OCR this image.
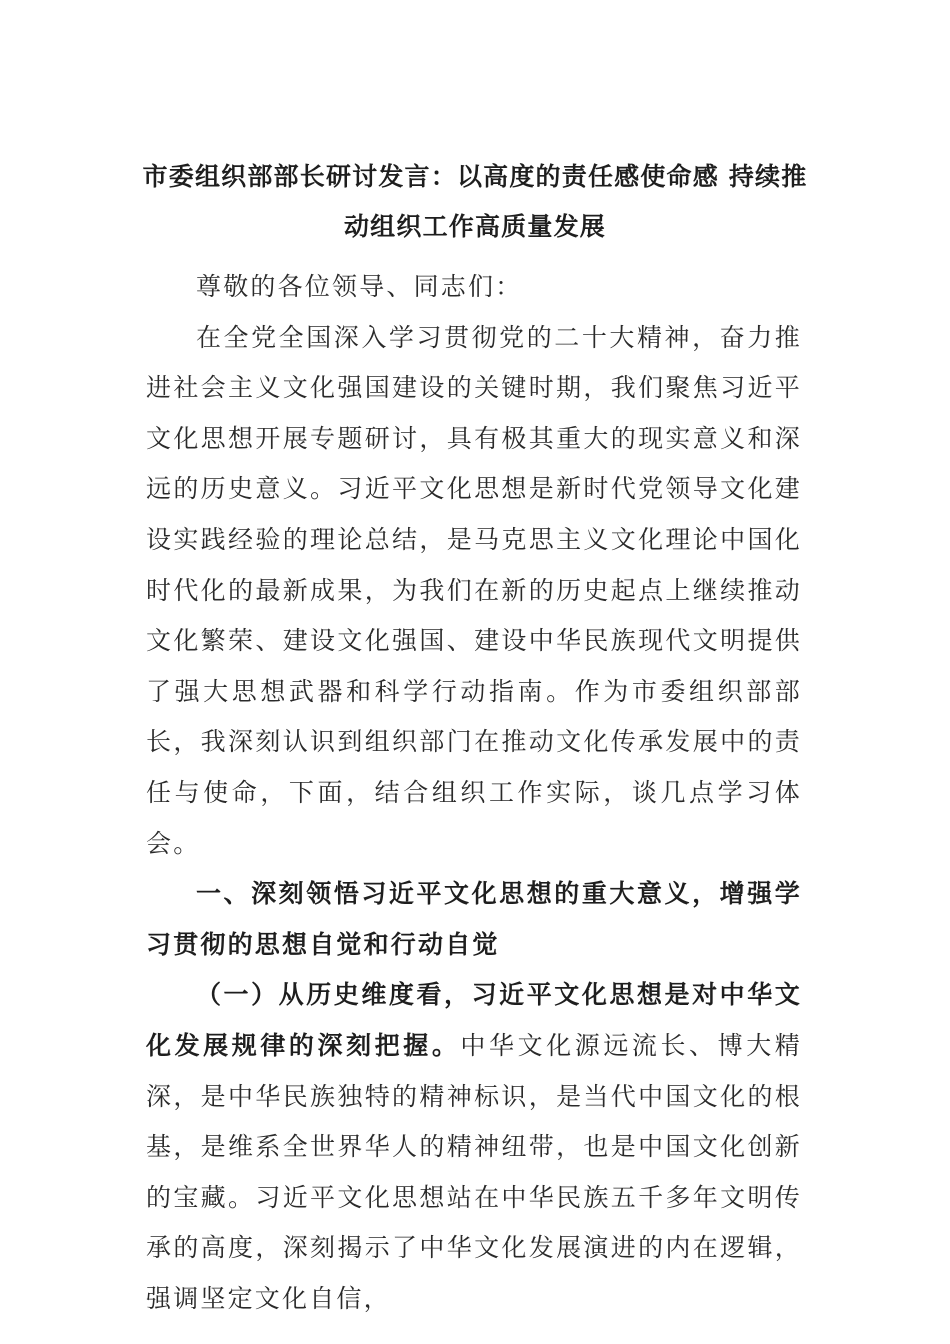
市委组织部部长研讨发言：以高度的责任感使命感 持续推动组织工作高质量发展

尊敬的各位领导、同志们：

在全党全国深入学习贯彻党的二十大精神，奋力推进社会主义文化强国建设的关键时期，我们聚焦习近平文化思想开展专题研讨，具有极其重大的现实意义和深远的历史意义。习近平文化思想是新时代党领导文化建设实践经验的理论总结，是马克思主义文化理论中国化时代化的最新成果，为我们在新的历史起点上继续推动文化繁荣、建设文化强国、建设中华民族现代文明提供了强大思想武器和科学行动指南。作为市委组织部部长，我深刻认识到组织部门在推动文化传承发展中的责任与使命，下面，结合组织工作实际，谈几点学习体会。

一、深刻领悟习近平文化思想的重大意义，增强学习贯彻的思想自觉和行动自觉

（一）从历史维度看，习近平文化思想是对中华文化发展规律的深刻把握。中华文化源远流长、博大精深，是中华民族独特的精神标识，是当代中国文化的根基，是维系全世界华人的精神纽带，也是中国文化创新的宝藏。习近平文化思想站在中华民族五千多年文明传承的高度，深刻揭示了中华文化发展演进的内在逻辑，强调坚定文化自信，
